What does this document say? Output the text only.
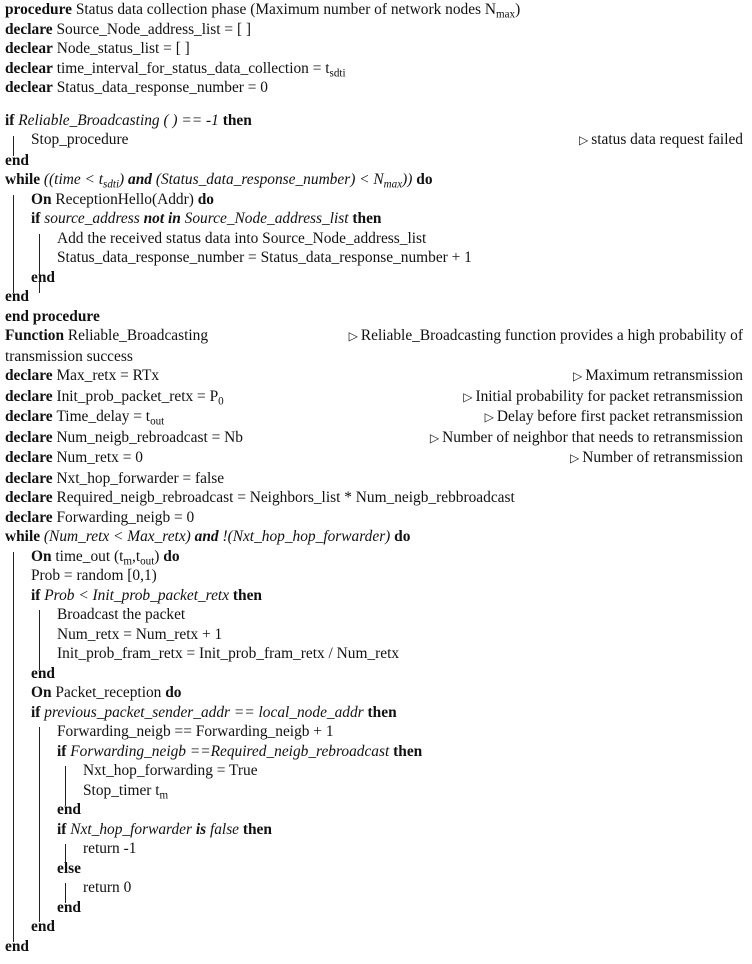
procedure
Status data collection phase (Maximum number of network nodes $N_{max}$)
declare
Source_Node_address_list = [ ]
declear
Node_status_list = [ ]
declear
time_interval_for_status_data_collection = $t_{sdti}$
declear
Status_data_response_number = 0
if
Reliable_Broadcasting ( ) == -1
then
Stop_procedure	▷ status data request failed
end
while
((time < $t_{sdti}$) and (Status_data_response_number) < $N_{max}$))
do
On
ReceptionHello(Addr)
do
if
source_address not in Source_Node_address_list
then
Add the received status data into Source_Node_address_list
Status_data_response_number = Status_data_response_number + 1
end
end
end procedure
Function
Reliable_Broadcasting	▷ Reliable_Broadcasting function provides a high probability of
transmission success
declare
Max_retx = RTx	▷ Maximum retransmission
declare
Init_prob_packet_retx = $P_0$	▷ Initial probability for packet retransmission
declare
Time_delay = $t_{out}$	▷ Delay before first packet retransmission
declare
Num_neigb_rebroadcast = Nb	▷ Number of neighbor that needs to retransmission
declare
Num_retx = 0	▷ Number of retransmission
declare
Nxt_hop_forwarder = false
declare
Required_neigb_rebroadcast = Neighbors_list * Num_neigb_rebbroadcast
declare
Forwarding_neigb = 0
while
(Num_retx < Max_retx) and !(Nxt_hop_hop_forwarder)
do
On
time_out $(t_m,t_{out})$
do
Prob = random [0,1)
if
Prob < Init_prob_packet_retx
then
Broadcast the packet
Num_retx = Num_retx + 1
Init_prob_fram_retx = Init_prob_fram_retx / Num_retx
end
On
Packet_reception
do
if
previous_packet_sender_addr == local_node_addr
then
Forwarding_neigb == Forwarding_neigb + 1
if
Forwarding_neigb ==Required_neigb_rebroadcast
then
Nxt_hop_forwarding = True
Stop_timer $t_m$
end
if
Nxt_hop_forwarder is false
then
return -1
else
return 0
end
end
end
